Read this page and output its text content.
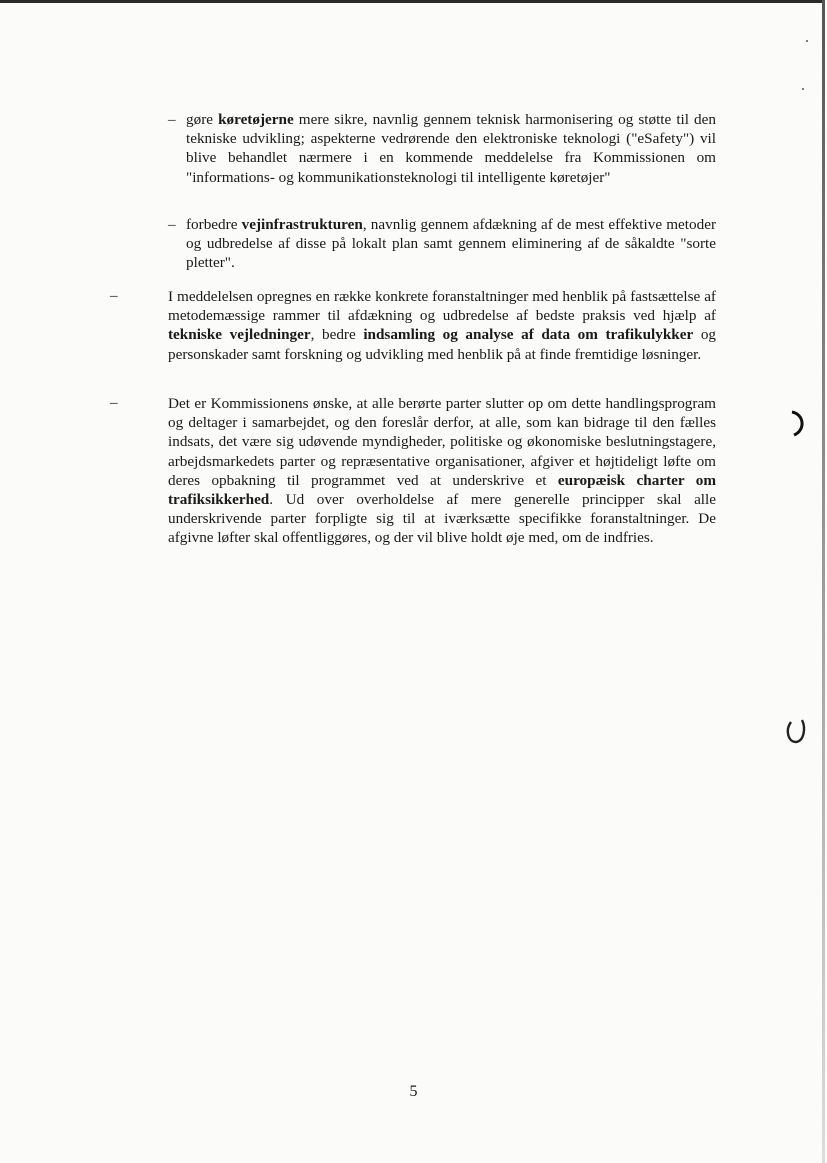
– gøre køretøjerne mere sikre, navnlig gennem teknisk harmonisering og støtte til den tekniske udvikling; aspekterne vedrørende den elektroniske teknologi ("eSafety") vil blive behandlet nærmere i en kommende meddelelse fra Kommissionen om "informations- og kommunikationsteknologi til intelligente køretøjer"
– forbedre vejinfrastrukturen, navnlig gennem afdækning af de mest effektive metoder og udbredelse af disse på lokalt plan samt gennem eliminering af de såkaldte "sorte pletter".
–	I meddelelsen opregnes en række konkrete foranstaltninger med henblik på fastsættelse af metodemæssige rammer til afdækning og udbredelse af bedste praksis ved hjælp af tekniske vejledninger, bedre indsamling og analyse af data om trafikulykker og personskader samt forskning og udvikling med henblik på at finde fremtidige løsninger.
–	Det er Kommissionens ønske, at alle berørte parter slutter op om dette handlingsprogram og deltager i samarbejdet, og den foreslår derfor, at alle, som kan bidrage til den fælles indsats, det være sig udøvende myndigheder, politiske og økonomiske beslutningstagere, arbejdsmarkedets parter og repræsentative organisationer, afgiver et højtideligt løfte om deres opbakning til programmet ved at underskrive et europæisk charter om trafiksikkerhed. Ud over overholdelse af mere generelle principper skal alle underskrivende parter forpligte sig til at iværksætte specifikke foranstaltninger. De afgivne løfter skal offentliggøres, og der vil blive holdt øje med, om de indfries.
5
